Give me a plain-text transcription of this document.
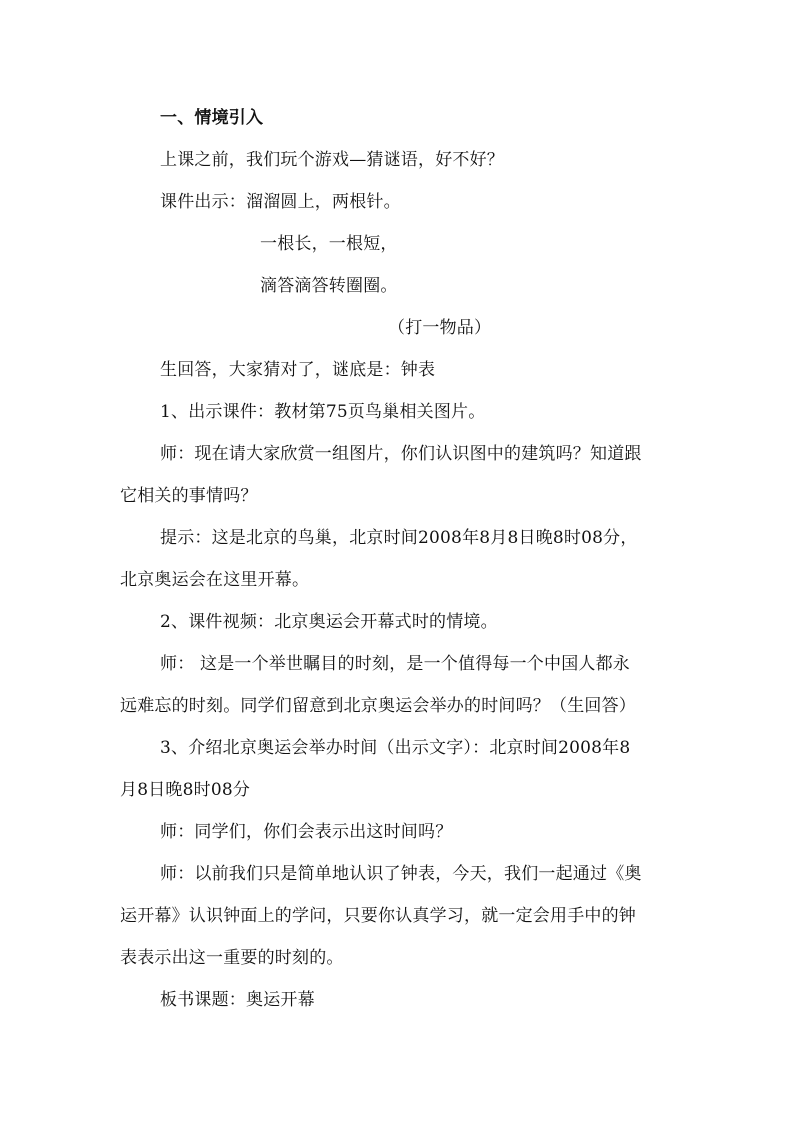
一、情境引入
上课之前，我们玩个游戏—猜谜语，好不好？
课件出示：溜溜圆上，两根针。
一根长，一根短，
滴答滴答转圈圈。
（打一物品）
生回答，大家猜对了，谜底是：钟表
1、出示课件：教材第75页鸟巢相关图片。
师：现在请大家欣赏一组图片，你们认识图中的建筑吗？知道跟
它相关的事情吗？
提示：这是北京的鸟巢，北京时间2008年8月8日晚8时08分，
北京奥运会在这里开幕。
2、课件视频：北京奥运会开幕式时的情境。
师： 这是一个举世瞩目的时刻，是一个值得每一个中国人都永
远难忘的时刻。同学们留意到北京奥运会举办的时间吗？（生回答）
3、介绍北京奥运会举办时间（出示文字）：北京时间2008年8
月8日晚8时08分
师：同学们，你们会表示出这时间吗？
师：以前我们只是简单地认识了钟表，今天，我们一起通过《奥
运开幕》认识钟面上的学问，只要你认真学习，就一定会用手中的钟
表表示出这一重要的时刻的。
板书课题：奥运开幕
